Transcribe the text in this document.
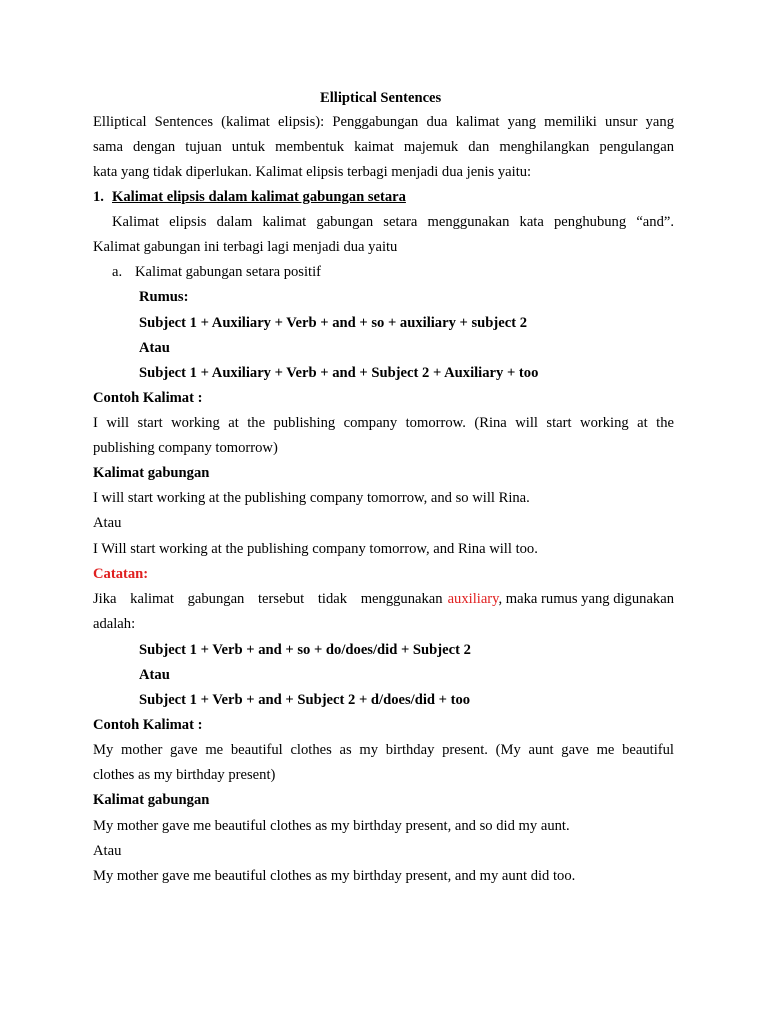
Elliptical Sentences
Elliptical Sentences (kalimat elipsis): Penggabungan dua kalimat yang memiliki unsur yang
sama dengan tujuan untuk membentuk kaimat majemuk dan menghilangkan pengulangan
kata yang tidak diperlukan. Kalimat elipsis terbagi menjadi dua jenis yaitu:
1. Kalimat elipsis dalam kalimat gabungan setara
Kalimat elipsis dalam kalimat gabungan setara menggunakan kata penghubung “and”.
Kalimat gabungan ini terbagi lagi menjadi dua yaitu
a. Kalimat gabungan setara positif
Rumus:
Subject 1 + Auxiliary + Verb + and + so + auxiliary + subject 2
Atau
Subject 1 + Auxiliary + Verb + and + Subject 2 + Auxiliary + too
Contoh Kalimat :
I will start working at the publishing company tomorrow. (Rina will start working at the
publishing company tomorrow)
Kalimat gabungan
I will start working at the publishing company tomorrow, and so will Rina.
Atau
I Will start working at the publishing company tomorrow, and Rina will too.
Catatan:
Jika kalimat gabungan tersebut tidak menggunakan auxiliary, maka rumus yang digunakan
adalah:
Subject 1 + Verb + and + so + do/does/did + Subject 2
Atau
Subject 1 + Verb + and + Subject 2 + d/does/did + too
Contoh Kalimat :
My mother gave me beautiful clothes as my birthday present. (My aunt gave me beautiful
clothes as my birthday present)
Kalimat gabungan
My mother gave me beautiful clothes as my birthday present, and so did my aunt.
Atau
My mother gave me beautiful clothes as my birthday present, and my aunt did too.
